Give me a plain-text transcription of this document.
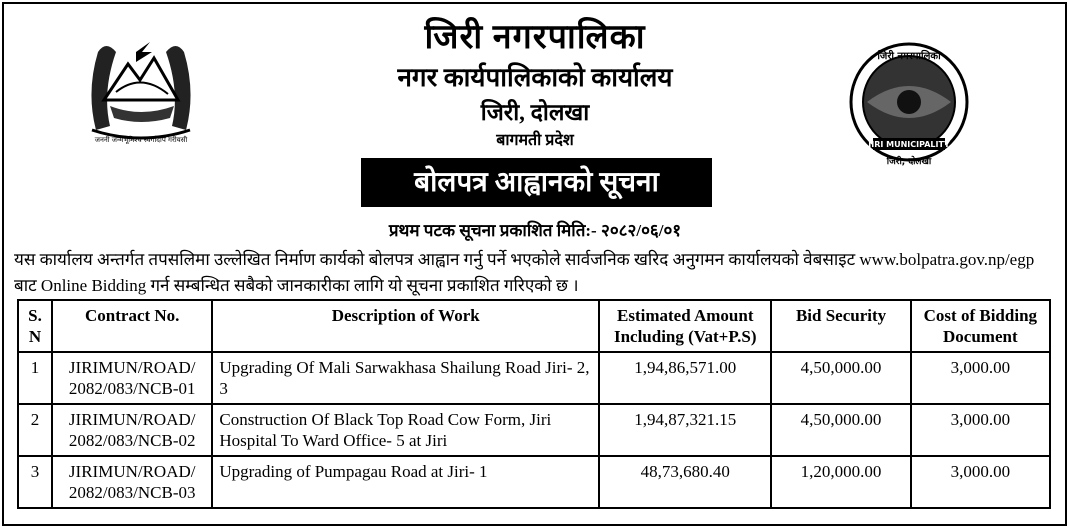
जननी जन्मभूमिश्च स्वर्गादपि गरीयसी	JIRI MUNICIPALITY
जिरी नगरपालिका
जिरी, दोलखा
जिरी नगरपालिका
नगर कार्यपालिकाको कार्यालय
जिरी, दोलखा
बागमती प्रदेश
बोलपत्र आह्वानको सूचना
प्रथम पटक सूचना प्रकाशित मिति:- २०८२/०६/०१
यस कार्यालय अन्तर्गत तपसलिमा उल्लेखित निर्माण कार्यको बोलपत्र आह्वान गर्नु पर्ने भएकोले सार्वजनिक खरिद अनुगमन कार्यालयको वेबसाइट www.bolpatra.gov.np/egp बाट Online Bidding गर्न सम्बन्धित सबैको जानकारीका लागि यो सूचना प्रकाशित गरिएको छ ।
S. N	Contract No.	Description of Work	Estimated Amount Including (Vat+P.S)	Bid Security	Cost of Bidding Document
1	JIRIMUN/ROAD/ 2082/083/NCB-01	Upgrading Of Mali Sarwakhasa Shailung Road Jiri- 2, 3	1,94,86,571.00	4,50,000.00	3,000.00
2	JIRIMUN/ROAD/ 2082/083/NCB-02	Construction Of Black Top Road Cow Form, Jiri Hospital To Ward Office- 5 at Jiri	1,94,87,321.15	4,50,000.00	3,000.00
3	JIRIMUN/ROAD/ 2082/083/NCB-03	Upgrading of Pumpagau Road at Jiri- 1	48,73,680.40	1,20,000.00	3,000.00
